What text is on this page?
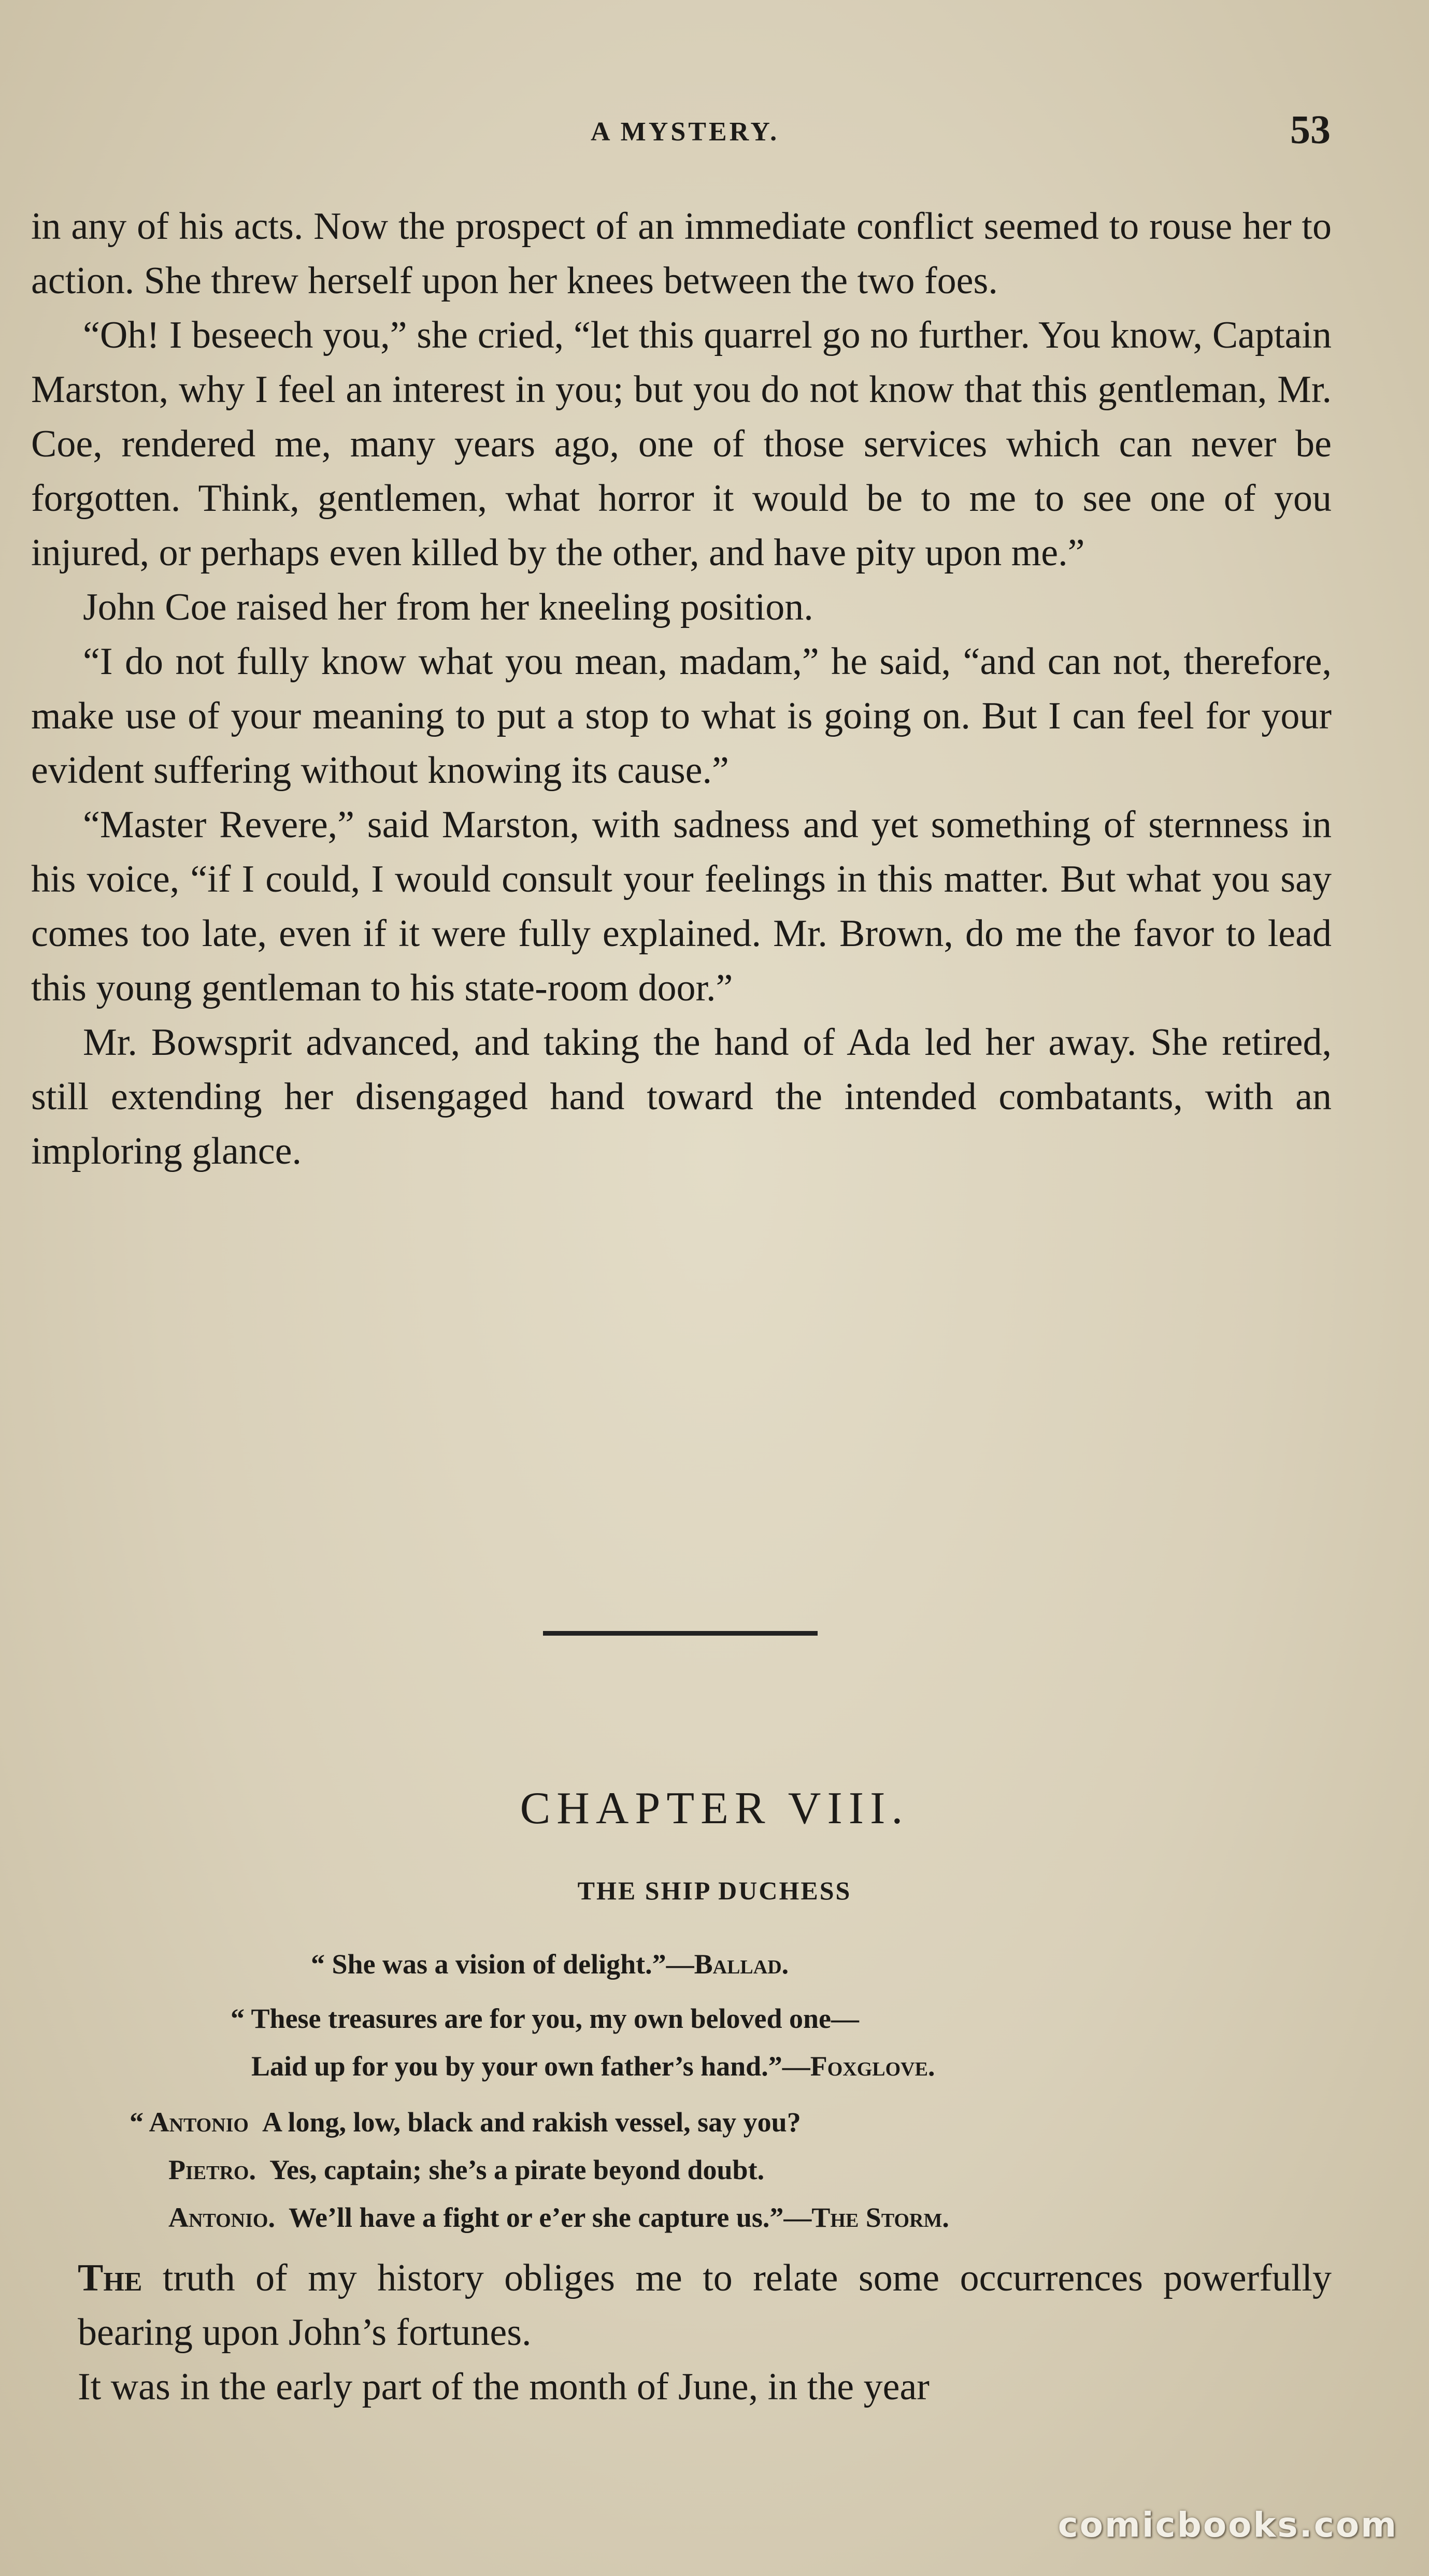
A MYSTERY.	53

in any of his acts. Now the prospect of an immediate conflict seemed to rouse her to action. She threw herself upon her knees between the two foes.

“Oh! I beseech you,” she cried, “let this quarrel go no further. You know, Captain Marston, why I feel an interest in you; but you do not know that this gentleman, Mr. Coe, rendered me, many years ago, one of those services which can never be forgotten. Think, gentlemen, what horror it would be to me to see one of you injured, or perhaps even killed by the other, and have pity upon me.”

John Coe raised her from her kneeling position.

“I do not fully know what you mean, madam,” he said, “and can not, therefore, make use of your meaning to put a stop to what is going on. But I can feel for your evident suffering without knowing its cause.”

“Master Revere,” said Marston, with sadness and yet something of sternness in his voice, “if I could, I would consult your feelings in this matter. But what you say comes too late, even if it were fully explained. Mr. Brown, do me the favor to lead this young gentleman to his state-room door.”

Mr. Bowsprit advanced, and taking the hand of Ada led her away. She retired, still extending her disengaged hand toward the intended combatants, with an imploring glance.

CHAPTER VIII.
THE SHIP DUCHESS
“ She was a vision of delight.”—Ballad.
“ These treasures are for you, my own beloved one—
Laid up for you by your own father’s hand.”—Foxglove.
“ Antonio A long, low, black and rakish vessel, say you?
Pietro. Yes, captain; she’s a pirate beyond doubt.
Antonio. We’ll have a fight or e’er she capture us.”—The Storm.

The truth of my history obliges me to relate some occurrences powerfully bearing upon John’s fortunes.

It was in the early part of the month of June, in the year

comicbooks.com
